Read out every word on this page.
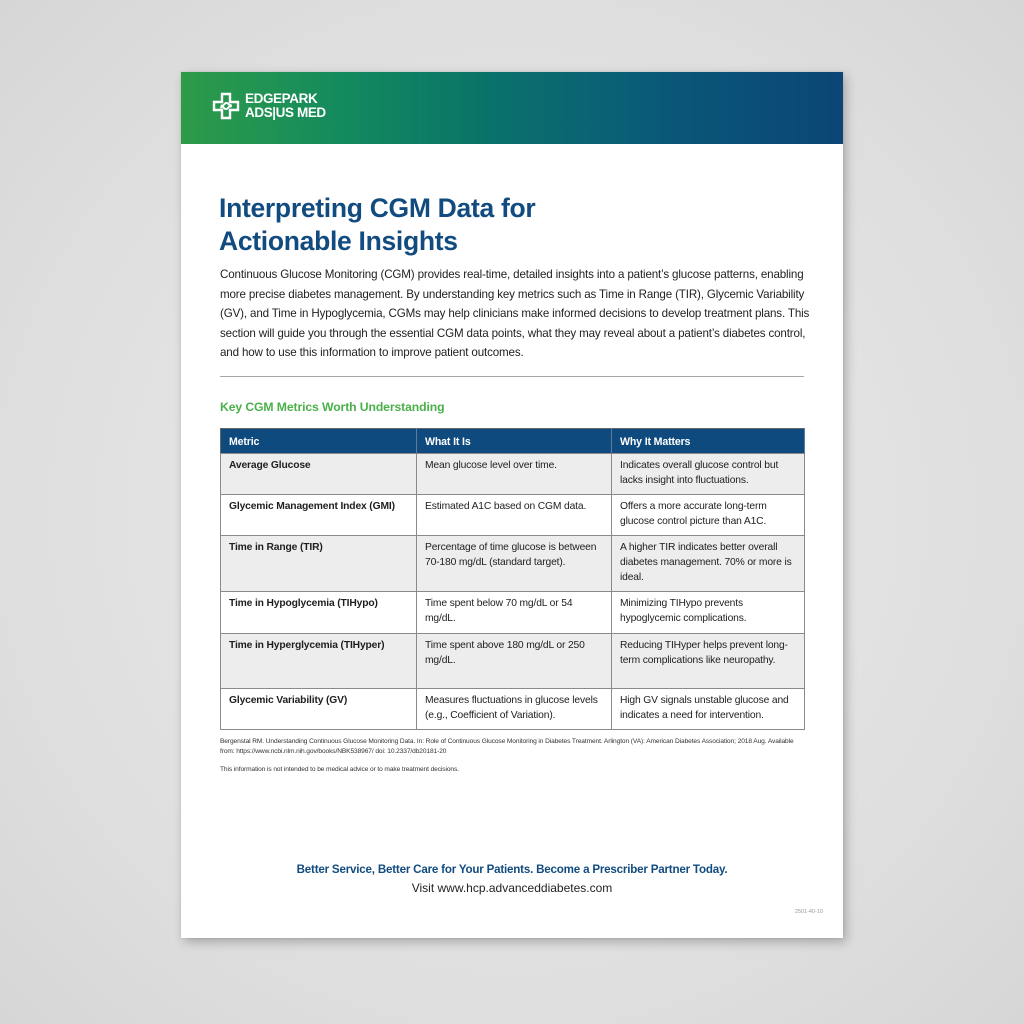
EDGEPARK
ADS|US MED
Interpreting CGM Data for
Actionable Insights

Continuous Glucose Monitoring (CGM) provides real-time, detailed insights into a patient’s glucose patterns, enabling more precise diabetes management. By understanding key metrics such as Time in Range (TIR), Glycemic Variability (GV), and Time in Hypoglycemia, CGMs may help clinicians make informed decisions to develop treatment plans. This section will guide you through the essential CGM data points, what they may reveal about a patient’s diabetes control, and how to use this information to improve patient outcomes.

Key CGM Metrics Worth Understanding
Metric	What It Is	Why It Matters
Average Glucose	Mean glucose level over time.	Indicates overall glucose control but lacks insight into fluctuations.
Glycemic Management Index (GMI)	Estimated A1C based on CGM data.	Offers a more accurate long-term glucose control picture than A1C.
Time in Range (TIR)	Percentage of time glucose is between 70-180 mg/dL (standard target).	A higher TIR indicates better overall diabetes management. 70% or more is ideal.
Time in Hypoglycemia (TIHypo)	Time spent below 70 mg/dL or 54 mg/dL.	Minimizing TIHypo prevents hypoglycemic complications.
Time in Hyperglycemia (TIHyper)	Time spent above 180 mg/dL or 250 mg/dL.	Reducing TIHyper helps prevent long-term complications like neuropathy.
Glycemic Variability (GV)	Measures fluctuations in glucose levels (e.g., Coefficient of Variation).	High GV signals unstable glucose and indicates a need for intervention.

Bergenstal RM. Understanding Continuous Glucose Monitoring Data. In: Role of Continuous Glucose Monitoring in Diabetes Treatment. Arlington (VA): American Diabetes Association; 2018 Aug. Available from: https://www.ncbi.nlm.nih.gov/books/NBK538967/ doi: 10.2337/db20181-20

This information is not intended to be medical advice or to make treatment decisions.

Better Service, Better Care for Your Patients. Become a Prescriber Partner Today.
Visit www.hcp.advanceddiabetes.com
2501-40-10
